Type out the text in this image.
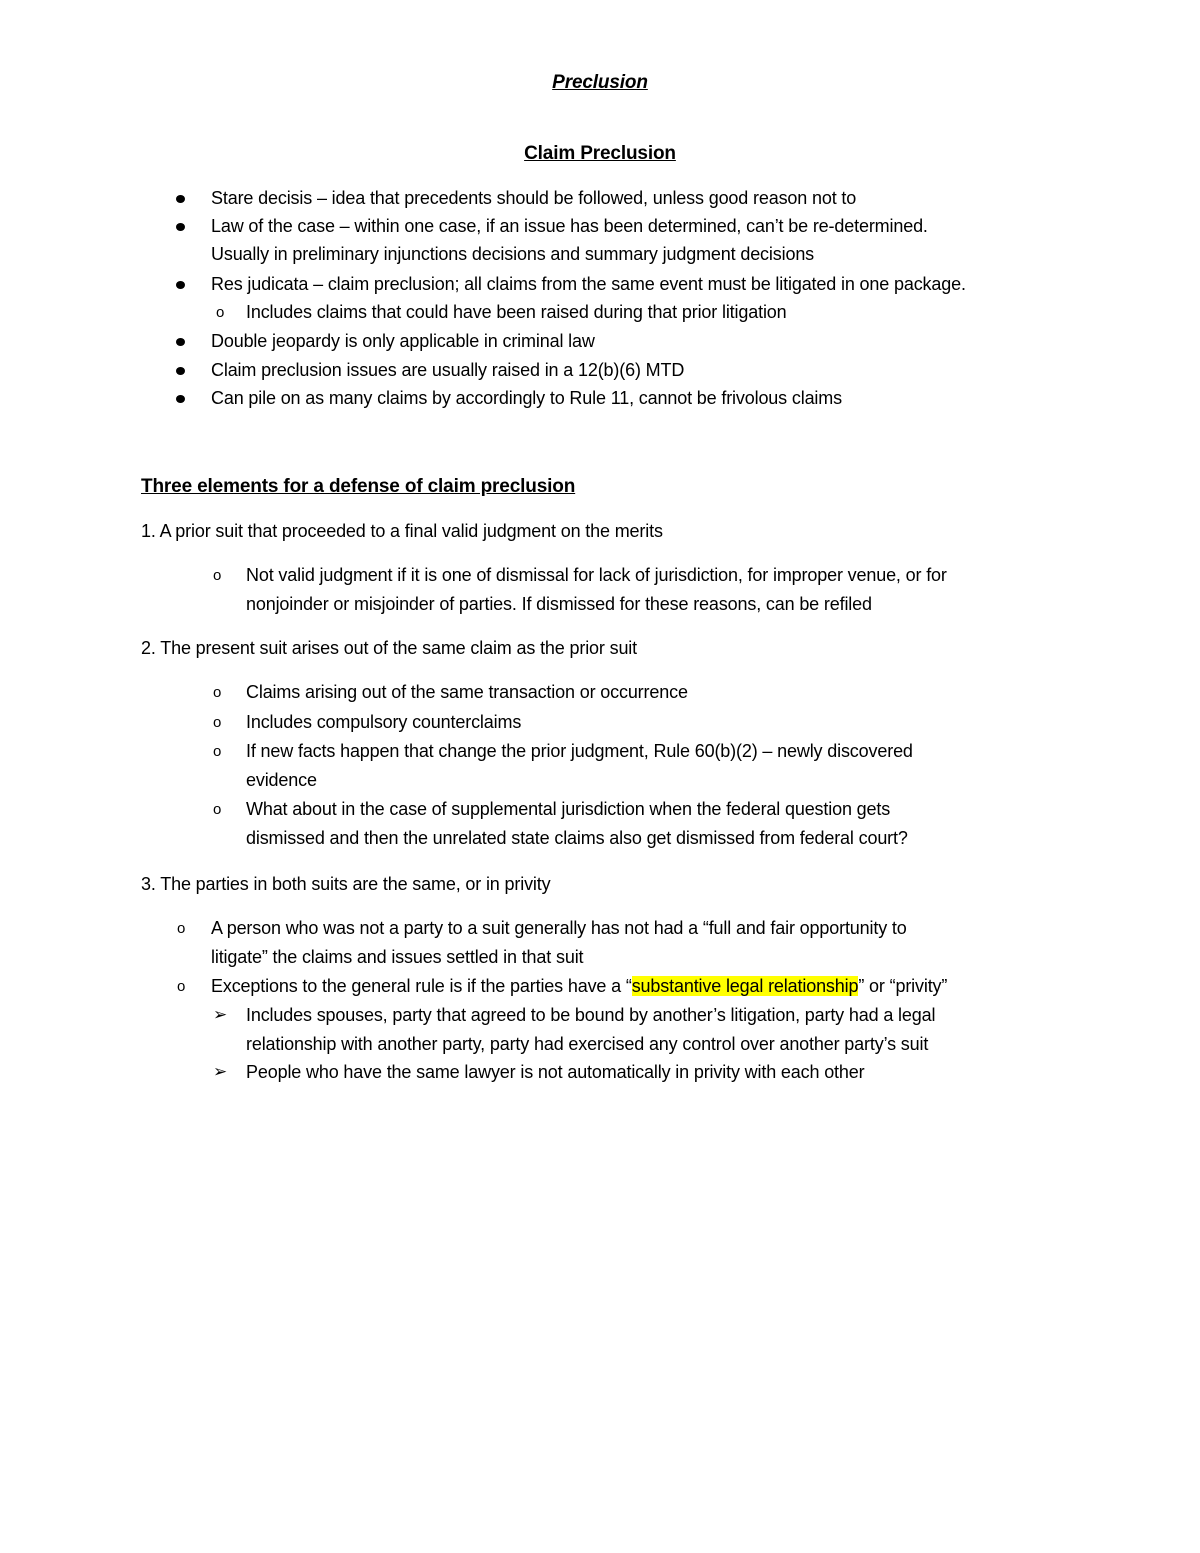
Preclusion
Claim Preclusion
Stare decisis – idea that precedents should be followed, unless good reason not to
Law of the case – within one case, if an issue has been determined, can’t be re-determined.
Usually in preliminary injunctions decisions and summary judgment decisions
Res judicata – claim preclusion; all claims from the same event must be litigated in one package.
o Includes claims that could have been raised during that prior litigation
Double jeopardy is only applicable in criminal law
Claim preclusion issues are usually raised in a 12(b)(6) MTD
Can pile on as many claims by accordingly to Rule 11, cannot be frivolous claims
Three elements for a defense of claim preclusion
1. A prior suit that proceeded to a final valid judgment on the merits
o Not valid judgment if it is one of dismissal for lack of jurisdiction, for improper venue, or for
nonjoinder or misjoinder of parties. If dismissed for these reasons, can be refiled
2. The present suit arises out of the same claim as the prior suit
o Claims arising out of the same transaction or occurrence
o Includes compulsory counterclaims
o If new facts happen that change the prior judgment, Rule 60(b)(2) – newly discovered
evidence
o What about in the case of supplemental jurisdiction when the federal question gets
dismissed and then the unrelated state claims also get dismissed from federal court?
3. The parties in both suits are the same, or in privity
o A person who was not a party to a suit generally has not had a “full and fair opportunity to
litigate” the claims and issues settled in that suit
o Exceptions to the general rule is if the parties have a “substantive legal relationship” or “privity”
➢ Includes spouses, party that agreed to be bound by another’s litigation, party had a legal
relationship with another party, party had exercised any control over another party’s suit
➢ People who have the same lawyer is not automatically in privity with each other
